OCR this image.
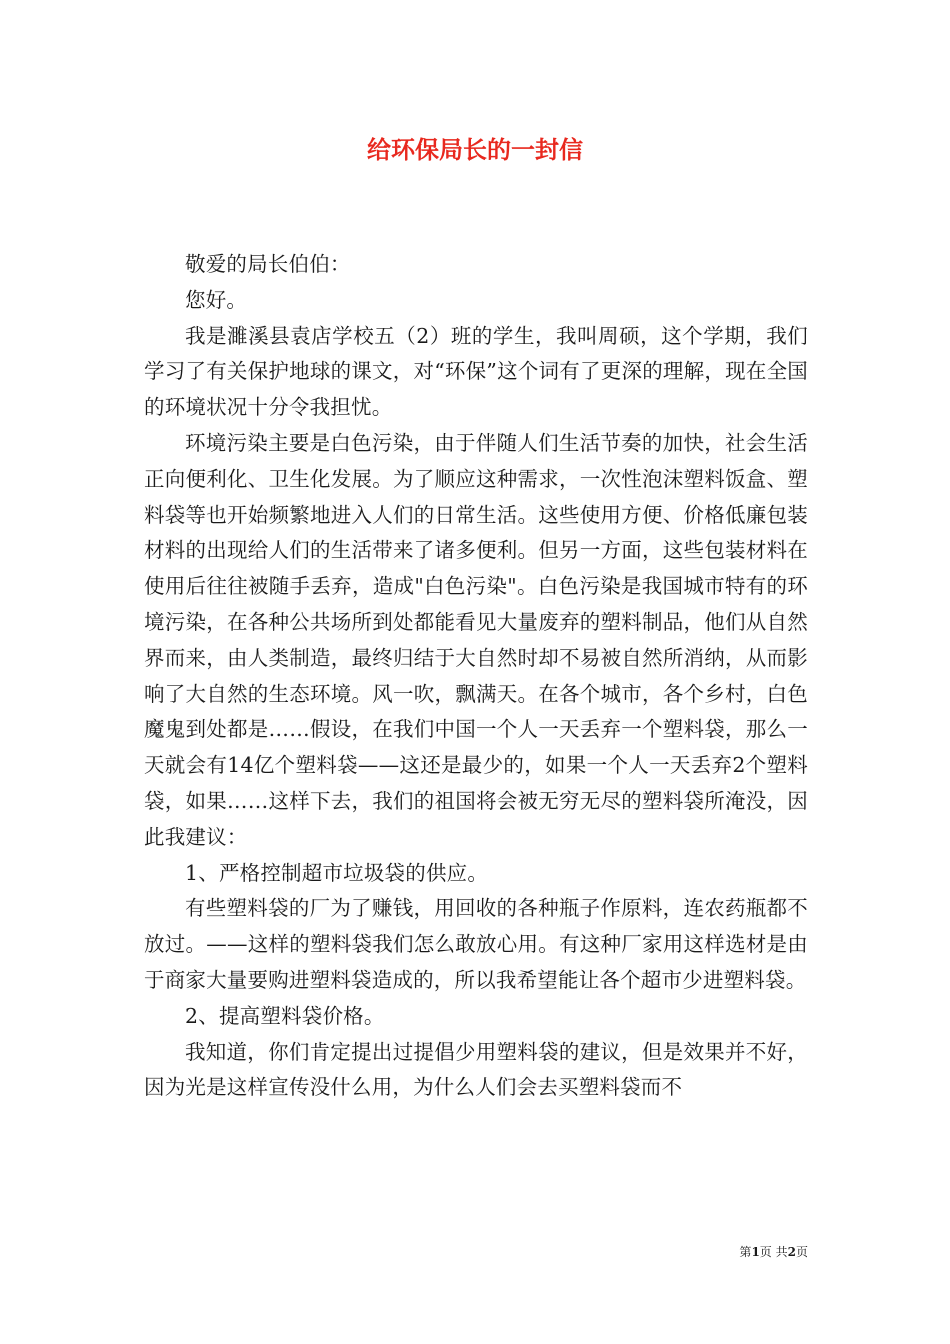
给环保局长的一封信

敬爱的局长伯伯：

您好。

我是濉溪县袁店学校五（2）班的学生，我叫周硕，这个学期，我们学习了有关保护地球的课文，对“环保”这个词有了更深的理解，现在全国的环境状况十分令我担忧。

环境污染主要是白色污染，由于伴随人们生活节奏的加快，社会生活正向便利化、卫生化发展。为了顺应这种需求，一次性泡沫塑料饭盒、塑料袋等也开始频繁地进入人们的日常生活。这些使用方便、价格低廉包装材料的出现给人们的生活带来了诸多便利。但另一方面，这些包装材料在使用后往往被随手丢弃，造成"白色污染"。白色污染是我国城市特有的环境污染，在各种公共场所到处都能看见大量废弃的塑料制品，他们从自然界而来，由人类制造，最终归结于大自然时却不易被自然所消纳，从而影响了大自然的生态环境。风一吹，飘满天。在各个城市，各个乡村，白色魔鬼到处都是……假设，在我们中国一个人一天丢弃一个塑料袋，那么一天就会有14亿个塑料袋——这还是最少的，如果一个人一天丢弃2个塑料袋，如果……这样下去，我们的祖国将会被无穷无尽的塑料袋所淹没，因此我建议：

1、严格控制超市垃圾袋的供应。

有些塑料袋的厂为了赚钱，用回收的各种瓶子作原料，连农药瓶都不放过。——这样的塑料袋我们怎么敢放心用。有这种厂家用这样选材是由于商家大量要购进塑料袋造成的，所以我希望能让各个超市少进塑料袋。

2、提高塑料袋价格。

我知道，你们肯定提出过提倡少用塑料袋的建议，但是效果并不好，因为光是这样宣传没什么用，为什么人们会去买塑料袋而不

第1页 共2页
